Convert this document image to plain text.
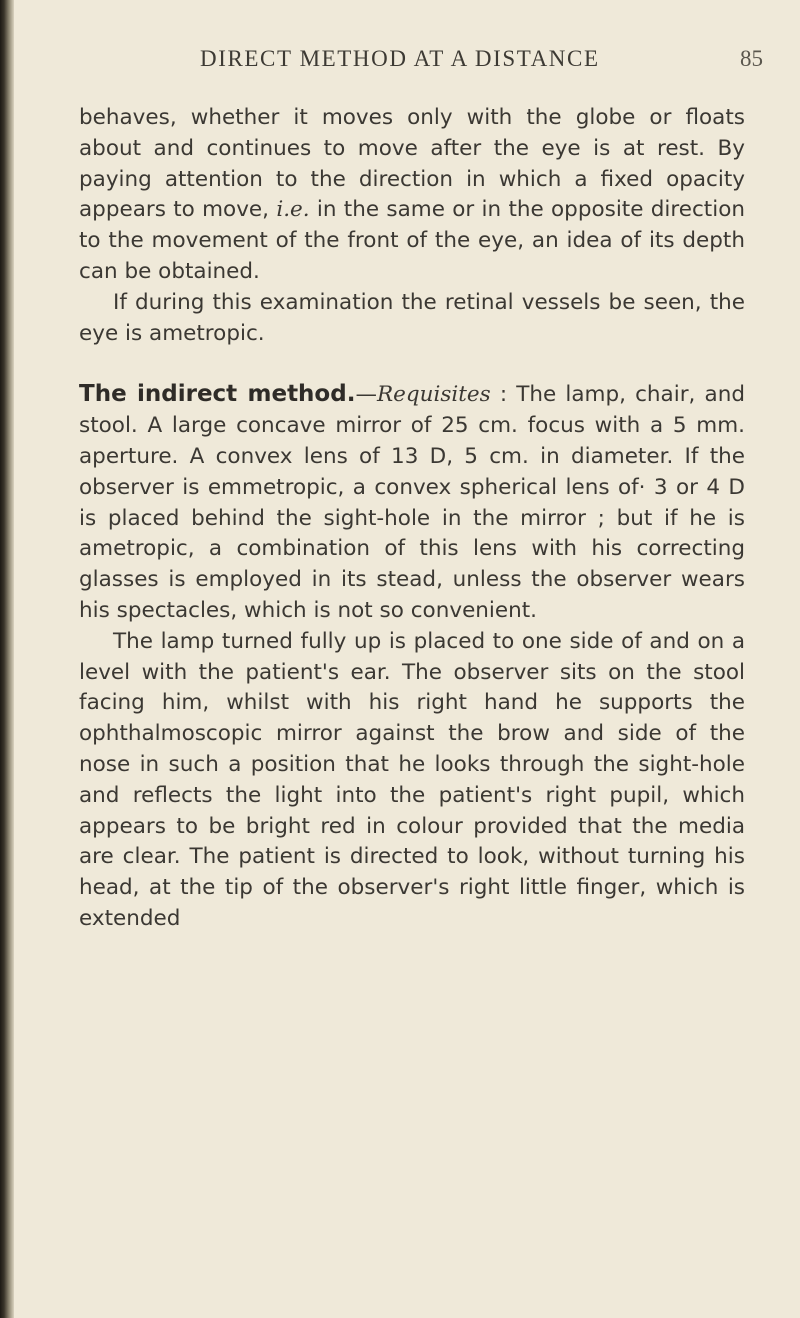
DIRECT METHOD AT A DISTANCE	85

behaves, whether it moves only with the globe or floats about and continues to move after the eye is at rest. By paying attention to the direction in which a fixed opacity appears to move, i.e. in the same or in the opposite direction to the movement of the front of the eye, an idea of its depth can be obtained.

If during this examination the retinal vessels be seen, the eye is ametropic.

The indirect method.—Requisites : The lamp, chair, and stool. A large concave mirror of 25 cm. focus with a 5 mm. aperture. A convex lens of 13 D, 5 cm. in diameter. If the observer is emmetropic, a convex spherical lens of· 3 or 4 D is placed behind the sight-hole in the mirror ; but if he is ametropic, a combination of this lens with his correcting glasses is employed in its stead, unless the observer wears his spectacles, which is not so convenient.

The lamp turned fully up is placed to one side of and on a level with the patient's ear. The observer sits on the stool facing him, whilst with his right hand he supports the ophthalmoscopic mirror against the brow and side of the nose in such a position that he looks through the sight-hole and reflects the light into the patient's right pupil, which appears to be bright red in colour provided that the media are clear. The patient is directed to look, without turning his head, at the tip of the observer's right little finger, which is extended
